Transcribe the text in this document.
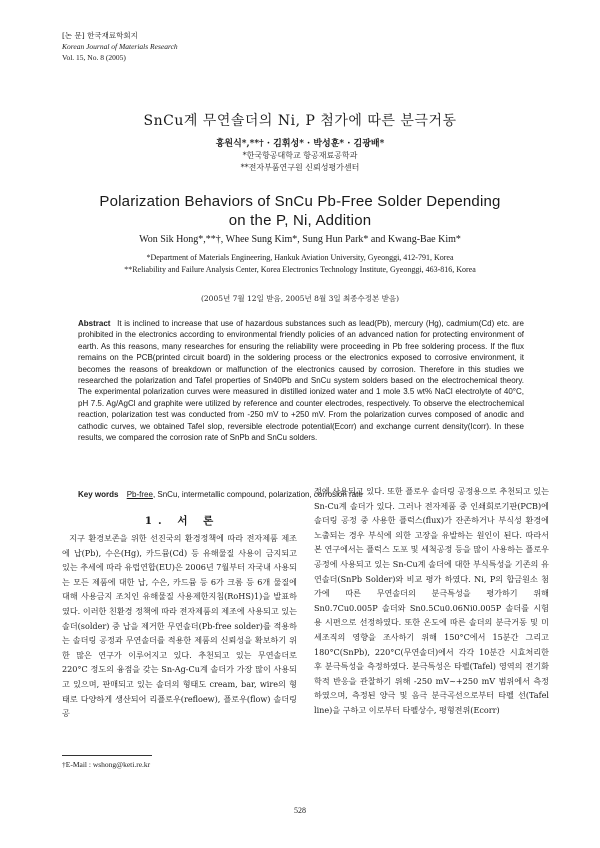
[논 문] 한국재료학회지
Korean Journal of Materials Research
Vol. 15, No. 8 (2005)
SnCu계 무연솔더의 Ni, P 첨가에 따른 분극거동
홍원식*,**† · 김휘성* · 박성훈* · 김광배*
*한국항공대학교 항공재료공학과
**전자부품연구원 신뢰성평가센터
Polarization Behaviors of SnCu Pb-Free Solder Depending
on the P, Ni, Addition
Won Sik Hong*,**†, Whee Sung Kim*, Sung Hun Park* and Kwang-Bae Kim*
*Department of Materials Engineering, Hankuk Aviation University, Gyeonggi, 412-791, Korea
**Reliability and Failure Analysis Center, Korea Electronics Technology Institute, Gyeonggi, 463-816, Korea
(2005년 7월 12일 받음, 2005년 8월 3일 최종수정본 받음)
Abstract It is inclined to increase that use of hazardous substances such as lead(Pb), mercury (Hg), cadmium(Cd) etc. are prohibited in the electronics according to environmental friendly policies of an advanced nation for protecting environment of earth. As this reasons, many researches for ensuring the reliability were proceeding in Pb free soldering process. If the flux remains on the PCB(printed circuit board) in the soldering process or the electronics exposed to corrosive environment, it becomes the reasons of breakdown or malfunction of the electronics caused by corrosion. Therefore in this studies we researched the polarization and Tafel properties of Sn40Pb and SnCu system solders based on the electrochemical theory. The experimental polarization curves were measured in distilled ionized water and 1 mole 3.5 wt% NaCl electrolyte of 40°C, pH 7.5. Ag/AgCl and graphite were utilized by reference and counter electrodes, respectively. To observe the electrochemical reaction, polarization test was conducted from -250 mV to +250 mV. From the polarization curves composed of anodic and cathodic curves, we obtained Tafel slop, reversible electrode potential(Ecorr) and exchange current density(Icorr). In these results, we compared the corrosion rate of SnPb and SnCu solders.
Key words Pb-free, SnCu, intermetallic compound, polarization, corrosion rate
1. 서 론

지구 환경보존을 위한 선진국의 환경정책에 따라 전자제품 제조에 납(Pb), 수은(Hg), 카드뮴(Cd) 등 유해물질 사용이 금지되고 있는 추세에 따라 유럽연합(EU)은 2006년 7월부터 자국내 사용되는 모든 제품에 대한 납, 수은, 카드뮴 등 6가 크롬 등 6개 물질에 대해 사용금지 조치인 유해물질 사용제한지침(RoHS)1)을 발표하였다. 이러한 친환경 정책에 따라 전자제품의 제조에 사용되고 있는 솔더(solder) 중 납을 제거한 무연솔더(Pb-free solder)를 적용하는 솔더링 공정과 무연솔더를 적용한 제품의 신뢰성을 확보하기 위한 많은 연구가 이루어지고 있다. 추천되고 있는 무연솔더로 220°C 정도의 융점을 갖는 Sn-Ag-Cu계 솔더가 가장 많이 사용되고 있으며, 판매되고 있는 솔더의 형태도 cream, bar, wire의 형태로 다양하게 생산되어 리플로우(refloew), 플로우(flow) 솔더링 공

정에 사용되고 있다. 또한 플로우 솔더링 공정용으로 추천되고 있는 Sn-Cu계 솔더가 있다. 그러나 전자제품 중 인쇄회로기판(PCB)에 솔더링 공정 중 사용한 플럭스(flux)가 잔존하거나 부식성 환경에 노출되는 경우 부식에 의한 고장을 유발하는 원인이 된다. 따라서 본 연구에서는 플럭스 도포 및 세척공정 등을 많이 사용하는 플로우 공정에 사용되고 있는 Sn-Cu계 솔더에 대한 부식특성을 기존의 유연솔더(SnPb Solder)와 비교 평가 하였다. Ni, P의 합금원소 첨가에 따른 무연솔더의 분극특성을 평가하기 위해 Sn0.7Cu0.005P 솔더와 Sn0.5Cu0.06Ni0.005P 솔더를 시험용 시편으로 선정하였다. 또한 온도에 따른 솔더의 분극거동 및 미세조직의 영향을 조사하기 위해 150°C에서 15분간 그리고 180°C(SnPb), 220°C(무연솔더)에서 각각 10분간 시효처리한 후 분극특성을 측정하였다. 분극특성은 타펠(Tafel) 영역의 전기화학적 반응을 관찰하기 위해 -250 mV~+250 mV 범위에서 측정하였으며, 측정된 양극 및 음극 분극곡선으로부터 타펠 선(Tafel line)을 구하고 이로부터 타펠상수, 평형전위(Ecorr)

†E-Mail : wshong@keti.re.kr
528
